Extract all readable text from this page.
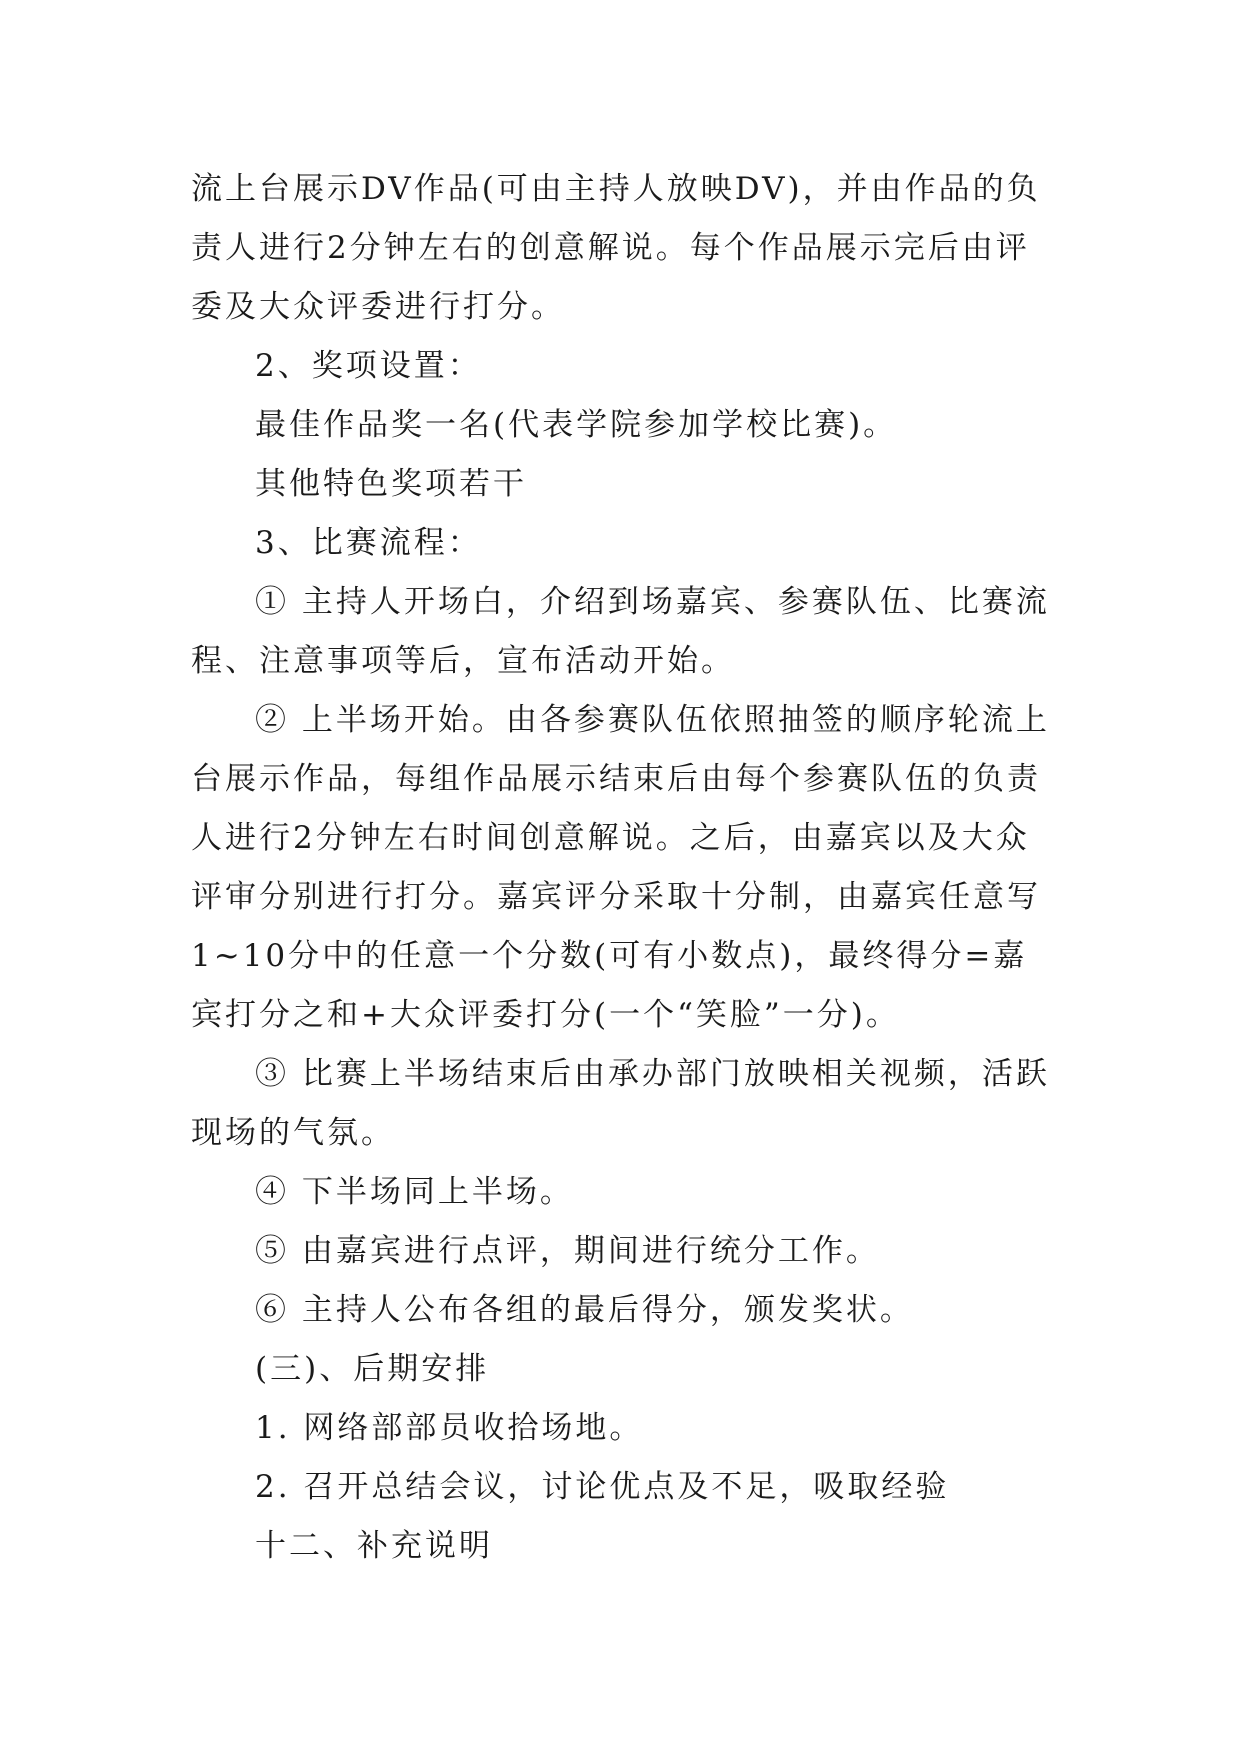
流上台展示DV作品(可由主持人放映DV)，并由作品的负责人进行2分钟左右的创意解说。每个作品展示完后由评委及大众评委进行打分。

2、奖项设置：

最佳作品奖一名(代表学院参加学校比赛)。

其他特色奖项若干

3、比赛流程：

① 主持人开场白，介绍到场嘉宾、参赛队伍、比赛流程、注意事项等后，宣布活动开始。

② 上半场开始。由各参赛队伍依照抽签的顺序轮流上台展示作品，每组作品展示结束后由每个参赛队伍的负责人进行2分钟左右时间创意解说。之后，由嘉宾以及大众评审分别进行打分。嘉宾评分采取十分制，由嘉宾任意写1~10分中的任意一个分数(可有小数点)，最终得分=嘉宾打分之和+大众评委打分(一个“笑脸”一分)。

③ 比赛上半场结束后由承办部门放映相关视频，活跃现场的气氛。

④ 下半场同上半场。

⑤ 由嘉宾进行点评，期间进行统分工作。

⑥ 主持人公布各组的最后得分，颁发奖状。

(三)、后期安排

1. 网络部部员收拾场地。

2. 召开总结会议，讨论优点及不足，吸取经验

十二、补充说明
